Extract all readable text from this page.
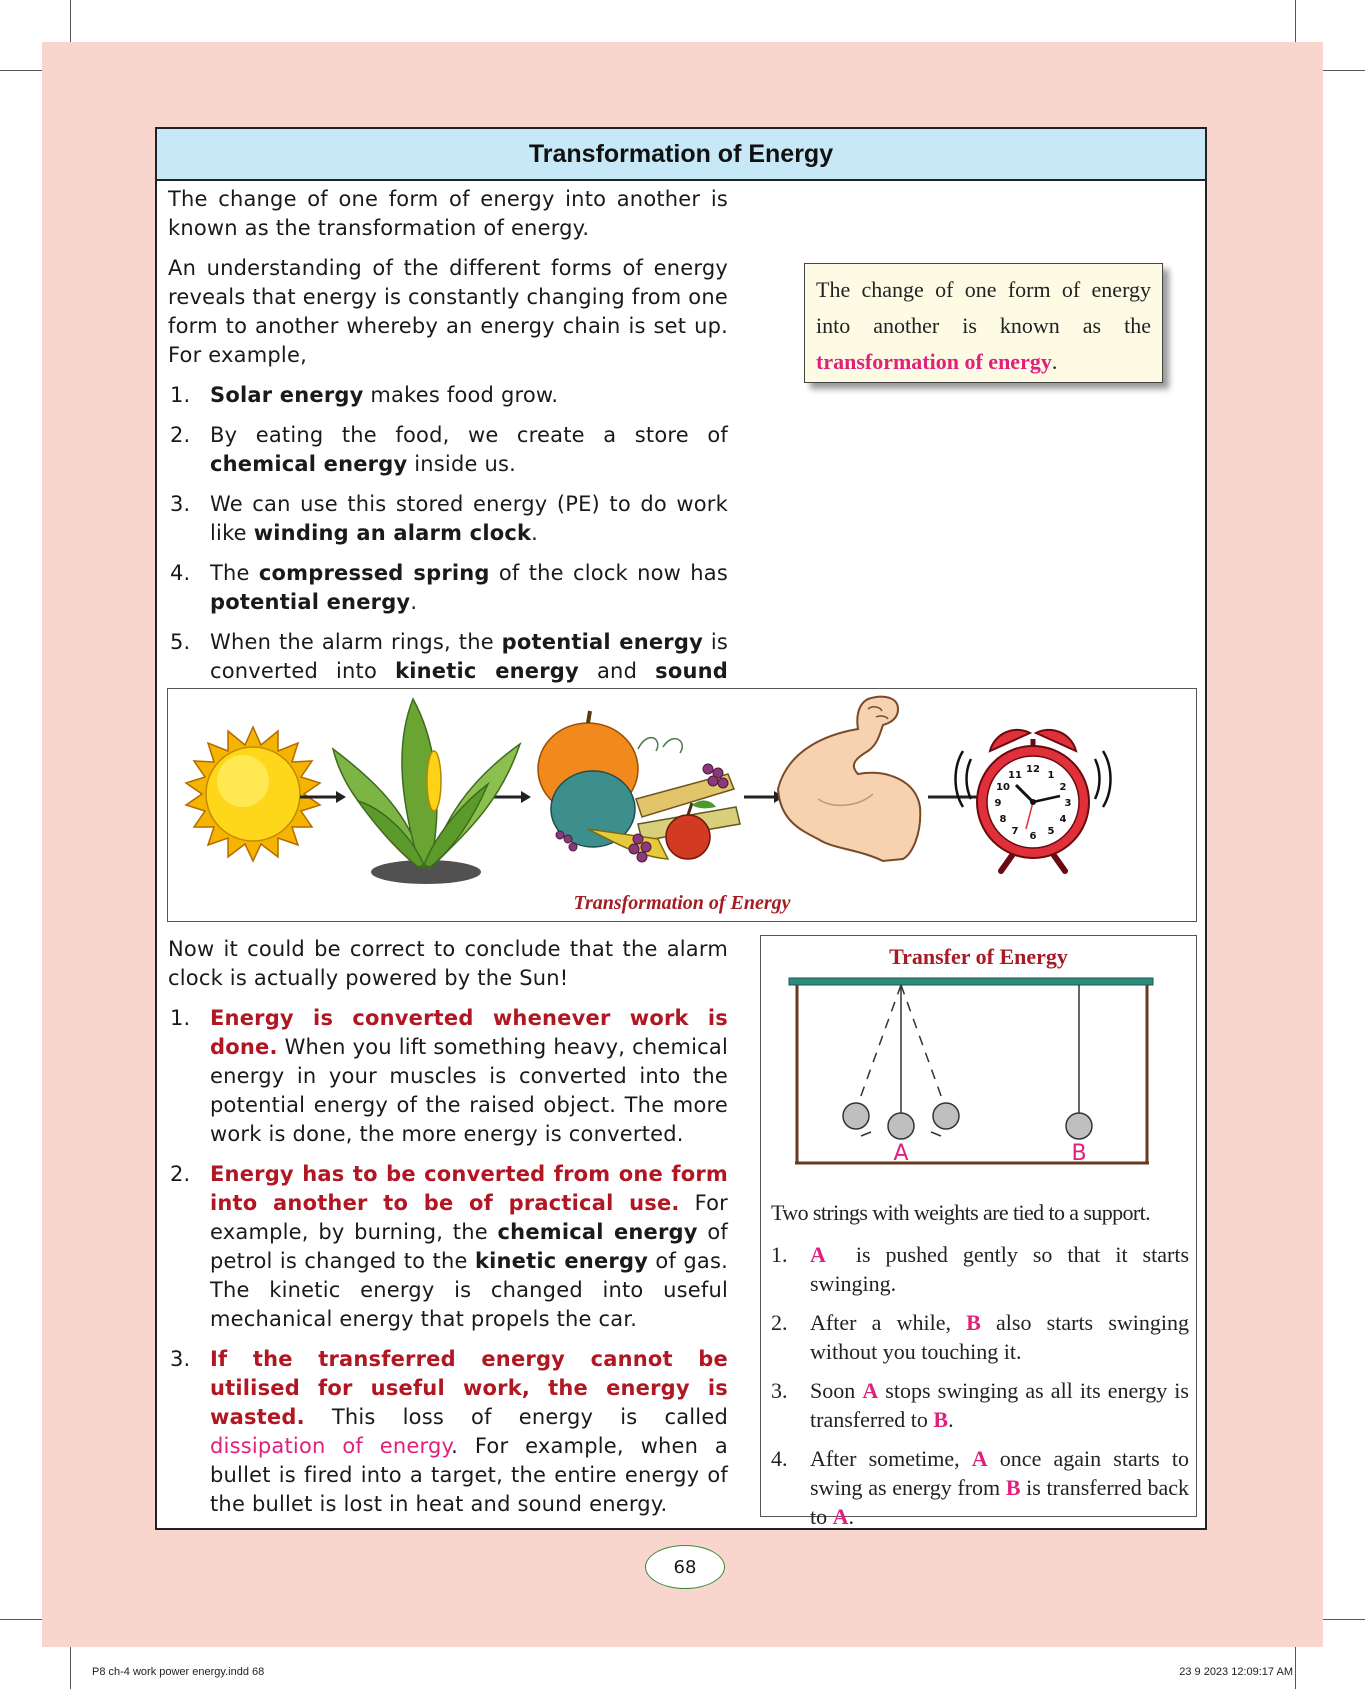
P8 ch-4 work power energy.indd 68	23 9 2023 12:09:17 AM
Transformation of Energy

The change of one form of energy into another is known as the transformation of energy.

An understanding of the different forms of energy reveals that energy is constantly changing from one form to another whereby an energy chain is set up. For example,

1. Solar energy makes food grow.
2. By eating the food, we create a store of chemical energy inside us.
3. We can use this stored energy (PE) to do work like winding an alarm clock.
4. The compressed spring of the clock now has potential energy.
5. When the alarm rings, the potential energy is converted into kinetic energy and sound
The change of one form of energy into another is known as the transformation of energy.
12
1
2
3
4
5
6
7
8
9
10
11
Transformation of Energy

Now it could be correct to conclude that the alarm clock is actually powered by the Sun!

1. Energy is converted whenever work is done. When you lift something heavy, chemical energy in your muscles is converted into the potential energy of the raised object. The more work is done, the more energy is converted.
2. Energy has to be converted from one form into another to be of practical use. For example, by burning, the chemical energy of petrol is changed to the kinetic energy of gas. The kinetic energy is changed into useful mechanical energy that propels the car.
3. If the transferred energy cannot be utilised for useful work, the energy is wasted. This loss of energy is called dissipation of energy. For example, when a bullet is fired into a target, the entire energy of the bullet is lost in heat and sound energy.
Transfer of Energy
A	B
Two strings with weights are tied to a support.
1. A  is pushed gently so that it starts swinging.
2. After a while, B also starts swinging without you touching it.
3. Soon A stops swinging as all its energy is transferred to B.
4. After sometime, A once again starts to swing as energy from B is transferred back to A.
68
